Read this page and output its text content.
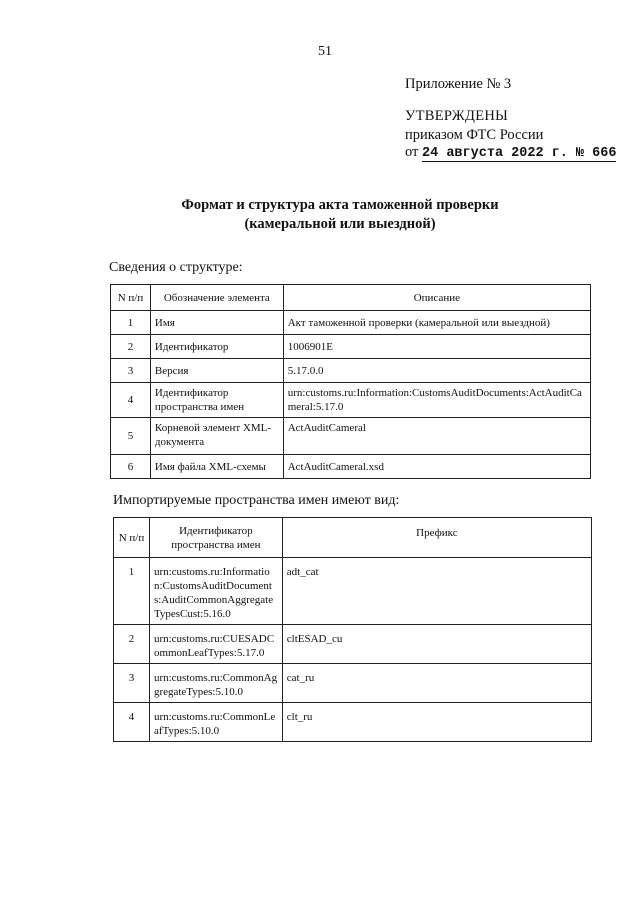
51
Приложение № 3
УТВЕРЖДЕНЫ
приказом ФТС России
от 24 августа 2022 г. № 666
Формат и структура акта таможенной проверки
(камеральной или выездной)
Сведения о структуре:
N п/п	Обозначение элемента	Описание
1	Имя	Акт таможенной проверки (камеральной или выездной)
2	Идентификатор	1006901E
3	Версия	5.17.0.0
4	Идентификатор пространства имен	urn:customs.ru:Information:CustomsAuditDocuments:ActAuditCameral:5.17.0
5	Корневой элемент XML-документа	ActAuditCameral
6	Имя файла XML-схемы	ActAuditCameral.xsd
Импортируемые пространства имен имеют вид:
N п/п	Идентификатор пространства имен	Префикс
1	urn:customs.ru:Information:CustomsAuditDocuments:AuditCommonAggregateTypesCust:5.16.0	adt_cat
2	urn:customs.ru:CUESADCommonLeafTypes:5.17.0	cltESAD_cu
3	urn:customs.ru:CommonAggregateTypes:5.10.0	cat_ru
4	urn:customs.ru:CommonLeafTypes:5.10.0	clt_ru
